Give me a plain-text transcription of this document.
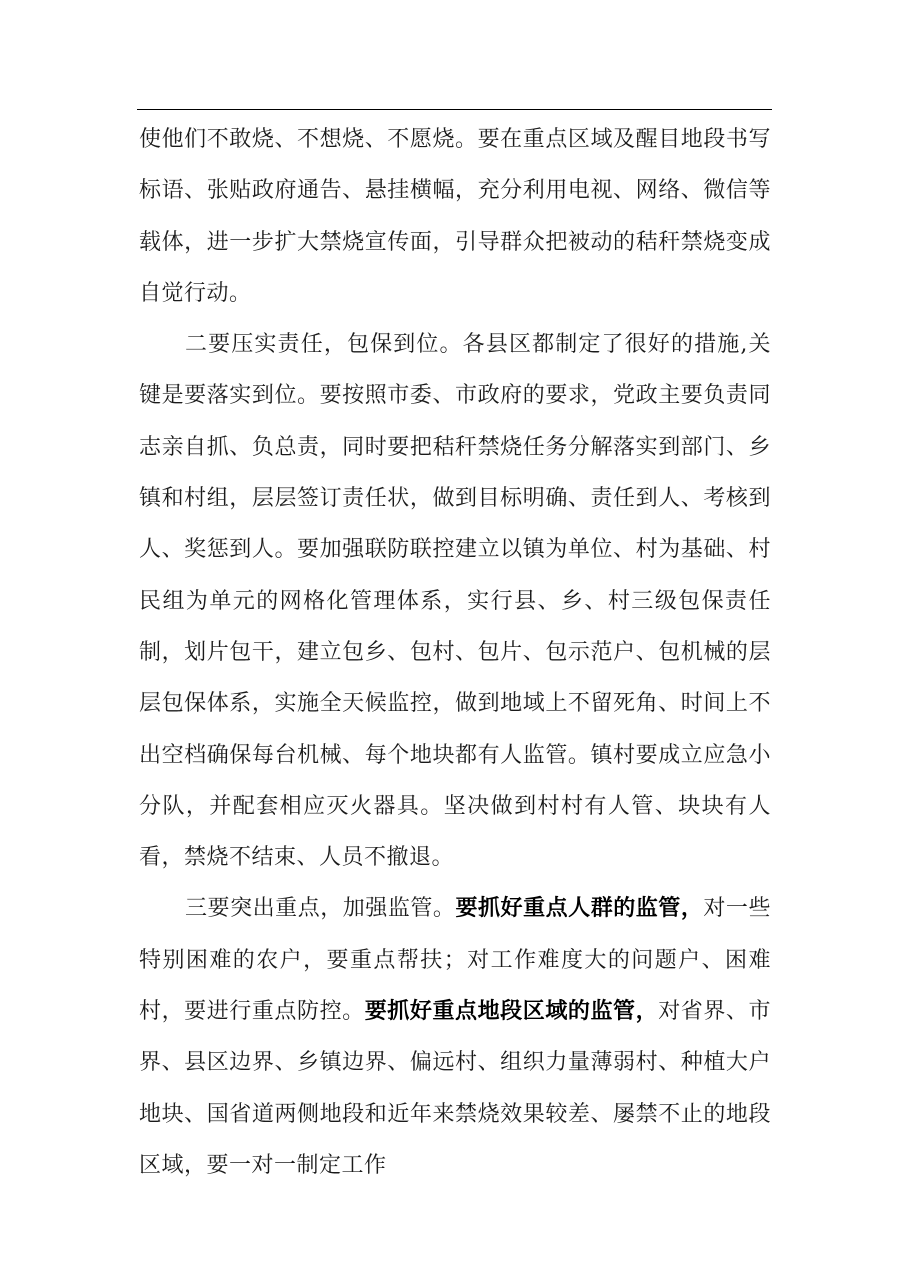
使他们不敢烧、不想烧、不愿烧。要在重点区域及醒目地段书写标语、张贴政府通告、悬挂横幅，充分利用电视、网络、微信等载体，进一步扩大禁烧宣传面，引导群众把被动的秸秆禁烧变成自觉行动。

二要压实责任，包保到位。各县区都制定了很好的措施,关键是要落实到位。要按照市委、市政府的要求，党政主要负责同志亲自抓、负总责，同时要把秸秆禁烧任务分解落实到部门、乡镇和村组，层层签订责任状，做到目标明确、责任到人、考核到人、奖惩到人。要加强联防联控建立以镇为单位、村为基础、村民组为单元的网格化管理体系，实行县、乡、村三级包保责任制，划片包干，建立包乡、包村、包片、包示范户、包机械的层层包保体系，实施全天候监控，做到地域上不留死角、时间上不出空档确保每台机械、每个地块都有人监管。镇村要成立应急小分队，并配套相应灭火器具。坚决做到村村有人管、块块有人看，禁烧不结束、人员不撤退。

三要突出重点，加强监管。要抓好重点人群的监管，对一些特别困难的农户，要重点帮扶；对工作难度大的问题户、困难村，要进行重点防控。要抓好重点地段区域的监管，对省界、市界、县区边界、乡镇边界、偏远村、组织力量薄弱村、种植大户地块、国省道两侧地段和近年来禁烧效果较差、屡禁不止的地段区域，要一对一制定工作
